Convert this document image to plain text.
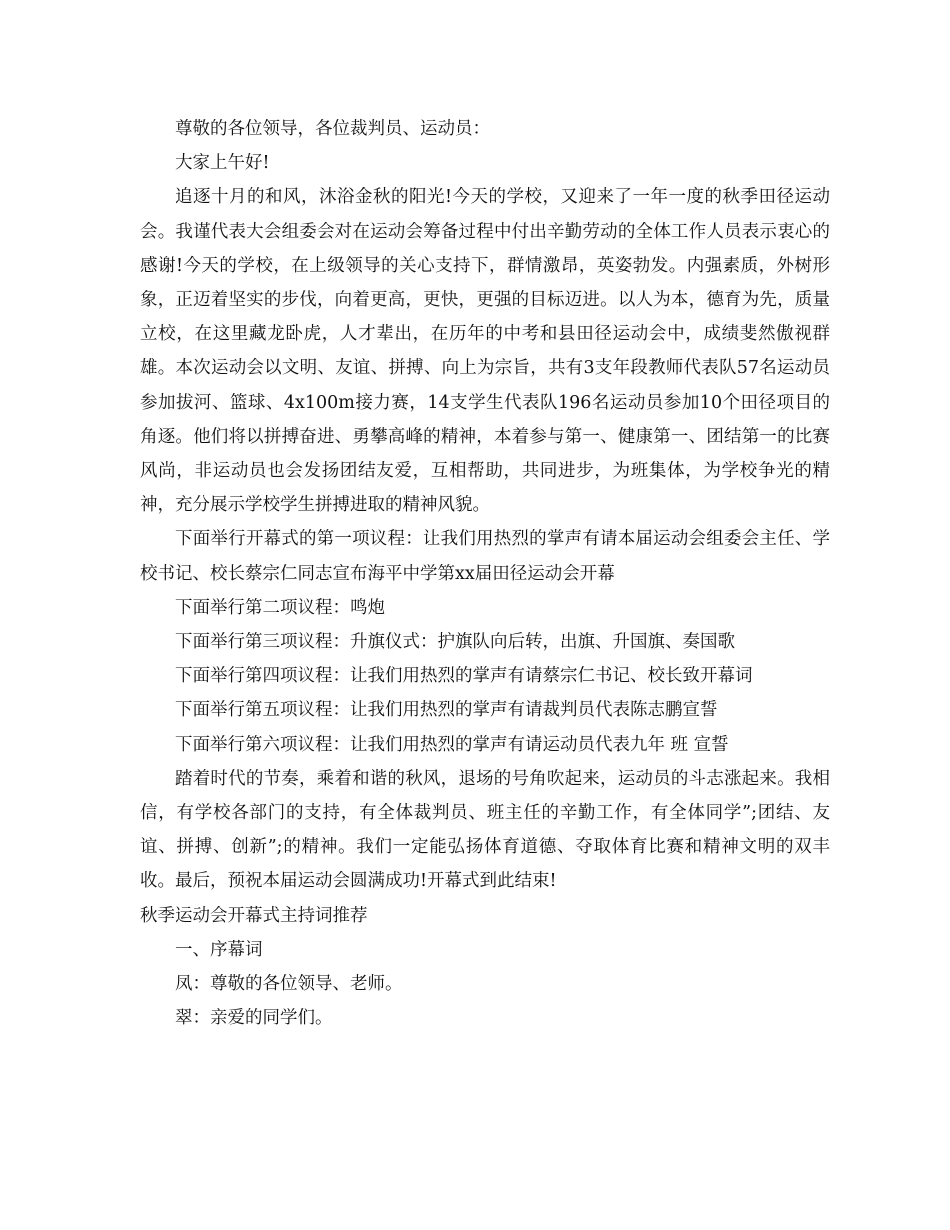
尊敬的各位领导，各位裁判员、运动员：

大家上午好!

追逐十月的和风，沐浴金秋的阳光!今天的学校，又迎来了一年一度的秋季田径运动会。我谨代表大会组委会对在运动会筹备过程中付出辛勤劳动的全体工作人员表示衷心的感谢!今天的学校，在上级领导的关心支持下，群情激昂，英姿勃发。内强素质，外树形象，正迈着坚实的步伐，向着更高，更快，更强的目标迈进。以人为本，德育为先，质量立校，在这里藏龙卧虎，人才辈出，在历年的中考和县田径运动会中，成绩斐然傲视群雄。本次运动会以文明、友谊、拼搏、向上为宗旨，共有3支年段教师代表队57名运动员参加拔河、篮球、4x100m接力赛，14支学生代表队196名运动员参加10个田径项目的角逐。他们将以拼搏奋进、勇攀高峰的精神，本着参与第一、健康第一、团结第一的比赛风尚，非运动员也会发扬团结友爱，互相帮助，共同进步，为班集体，为学校争光的精神，充分展示学校学生拼搏进取的精神风貌。

下面举行开幕式的第一项议程：让我们用热烈的掌声有请本届运动会组委会主任、学校书记、校长蔡宗仁同志宣布海平中学第xx届田径运动会开幕

下面举行第二项议程：鸣炮

下面举行第三项议程：升旗仪式：护旗队向后转，出旗、升国旗、奏国歌

下面举行第四项议程：让我们用热烈的掌声有请蔡宗仁书记、校长致开幕词

下面举行第五项议程：让我们用热烈的掌声有请裁判员代表陈志鹏宣誓

下面举行第六项议程：让我们用热烈的掌声有请运动员代表九年 班 宣誓

踏着时代的节奏，乘着和谐的秋风，退场的号角吹起来，运动员的斗志涨起来。我相信，有学校各部门的支持，有全体裁判员、班主任的辛勤工作，有全体同学”;团结、友谊、拼搏、创新”;的精神。我们一定能弘扬体育道德、夺取体育比赛和精神文明的双丰收。最后，预祝本届运动会圆满成功!开幕式到此结束!

秋季运动会开幕式主持词推荐

一、序幕词

凤：尊敬的各位领导、老师。

翠：亲爱的同学们。
